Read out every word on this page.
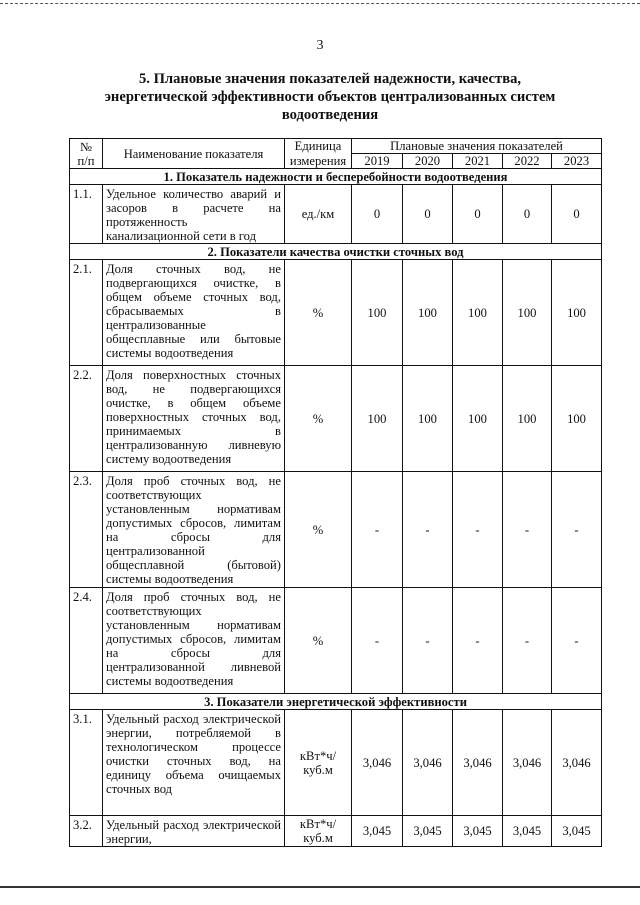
3
5. Плановые значения показателей надежности, качества,
энергетической эффективности объектов централизованных систем
водоотведения
№
п/п	Наименование показателя	Единица	Плановые значения показателей				
		измерения	2019	2020	2021	2022	2023
1. Показатель надежности и бесперебойности водоотведения							
1.1.	Удельное количество аварий и засоров в расчете на протяженность канализационной сети в год	ед./км	0	0	0	0	0
2. Показатели качества очистки сточных вод							
2.1.	Доля сточных вод, не подвергающихся очистке, в общем объеме сточных вод, сбрасываемых в централизованные общесплавные или бытовые системы водоотведения	%	100	100	100	100	100
2.2.	Доля поверхностных сточных вод, не подвергающихся очистке, в общем объеме поверхностных сточных вод, принимаемых в централизованную ливневую систему водоотведения	%	100	100	100	100	100
2.3.	Доля проб сточных вод, не соответствующих установленным нормативам допустимых сбросов, лимитам на сбросы для централизованной общесплавной (бытовой) системы водоотведения	%	-	-	-	-	-
2.4.	Доля проб сточных вод, не соответствующих установленным нормативам допустимых сбросов, лимитам на сбросы для централизованной ливневой системы водоотведения	%	-	-	-	-	-
3. Показатели энергетической эффективности							
3.1.	Удельный расход электрической энергии, потребляемой в технологическом процессе очистки сточных вод, на единицу объема очищаемых сточных вод	кВт*ч/
куб.м	3,046	3,046	3,046	3,046	3,046
3.2.	Удельный расход электрической энергии,	кВт*ч/
куб.м	3,045	3,045	3,045	3,045	3,045
